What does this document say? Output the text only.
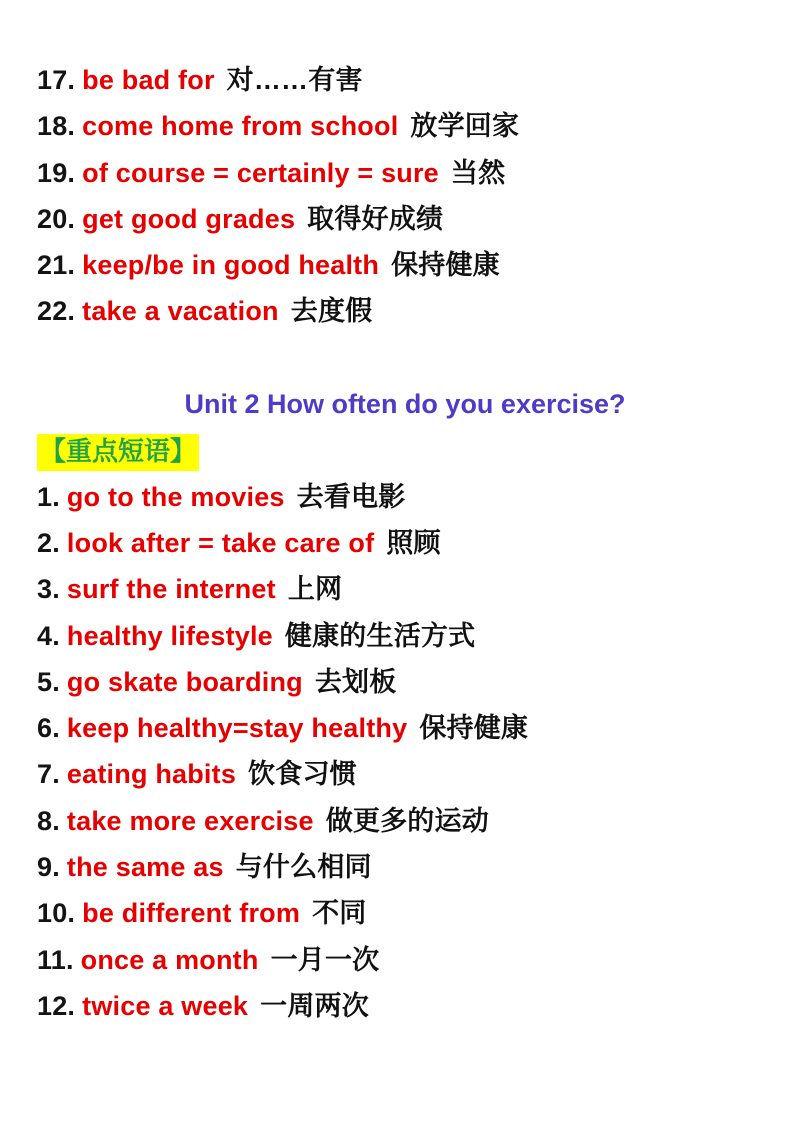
17. be bad for 对……有害
18. come home from school 放学回家
19. of course = certainly = sure 当然
20. get good grades 取得好成绩
21. keep/be in good health 保持健康
22. take a vacation 去度假
Unit 2 How often do you exercise?
【重点短语】
1. go to the movies 去看电影
2. look after = take care of 照顾
3. surf the internet 上网
4. healthy lifestyle 健康的生活方式
5. go skate boarding 去划板
6. keep healthy=stay healthy 保持健康
7. eating habits 饮食习惯
8. take more exercise 做更多的运动
9. the same as 与什么相同
10. be different from 不同
11. once a month 一月一次
12. twice a week 一周两次
